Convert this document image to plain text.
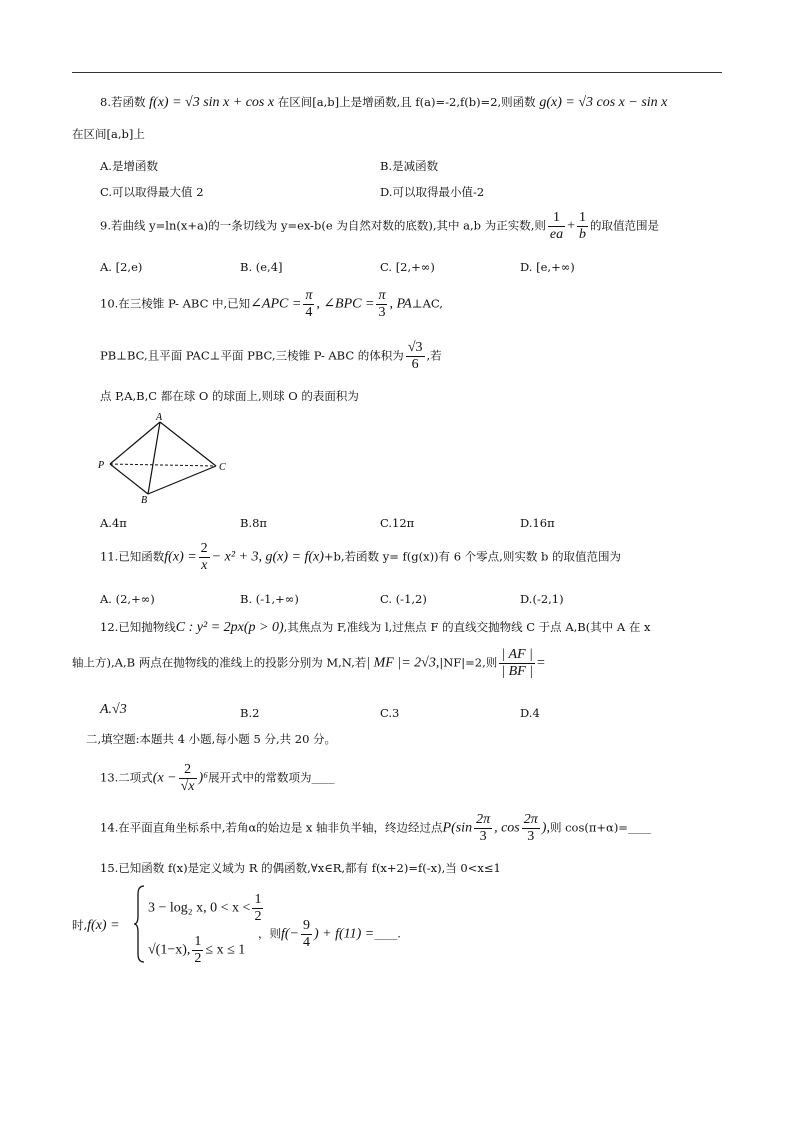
8.若函数 f(x) = √3 sin x + cos x 在区间[a,b]上是增函数,且 f(a)=-2,f(b)=2,则函数 g(x) = √3 cos x − sin x
在区间[a,b]上
A.是增函数	B.是减函数
C.可以取得最大值 2	D.可以取得最小值-2
9.若曲线 y=ln(x+a)的一条切线为 y=ex-b(e 为自然对数的底数),其中 a,b 为正实数,则 $\frac{1}{ea} + \frac{1}{b}$ 的取值范围是
A. [2,e)	B. (e,4]	C. [2,+∞)	D. [e,+∞)
10.在三棱锥 P- ABC 中,已知∠APC = $\frac{\pi}{4}$ , ∠BPC = $\frac{\pi}{3}$ , PA⊥AC,
PB⊥BC,且平面 PAC⊥平面 PBC,三棱锥 P- ABC 的体积为 $\frac{√3}{6}$ ,若
点 P,A,B,C 都在球 O 的球面上,则球 O 的表面积为
A
P	C
B
A.4π	B.8π	C.12π	D.16π
11.已知函数$f(x) = \frac{2}{x} - x^2 + 3$, g(x) = f(x)+b,若函数 y= f(g(x))有 6 个零点,则实数 b 的取值范围为
A. (2,+∞)	B. (-1,+∞)	C. (-1,2)	D.(-2,1)
12.已知抛物线C : y² = 2px(p > 0),其焦点为 F,准线为 l,过焦点 F 的直线交抛物线 C 于点 A,B(其中 A 在 x
轴上方),A,B 两点在抛物线的准线上的投影分别为 M,N,若| MF |= 2√3,|NF|=2,则 $\frac{| AF |}{| BF |}$ =
A.√3	B.2	C.3	D.4
二,填空题:本题共 4 小题,每小题 5 分,共 20 分。
13.二项式$(x - \frac{2}{√x} )^6$展开式中的常数项为____
14.在平面直角坐标系中,若角α的始边是 x 轴非负半轴，终边经过点$P(\sin \frac{2\pi}{3}$ , $\cos \frac{2\pi}{3}$ ),则 cos(π+α)=____
15.已知函数 f(x)是定义域为 R 的偶函数,∀x∈R,都有 f(x+2)=f(-x),当 0<x≤1
时,f(x) =
3 − log₂ x, $0 < x < \frac{1}{2}$
√(1−x), $\frac{1}{2} \le x \le 1$
，则$f(- \frac{9}{4}$ ) + f(11) =____.
